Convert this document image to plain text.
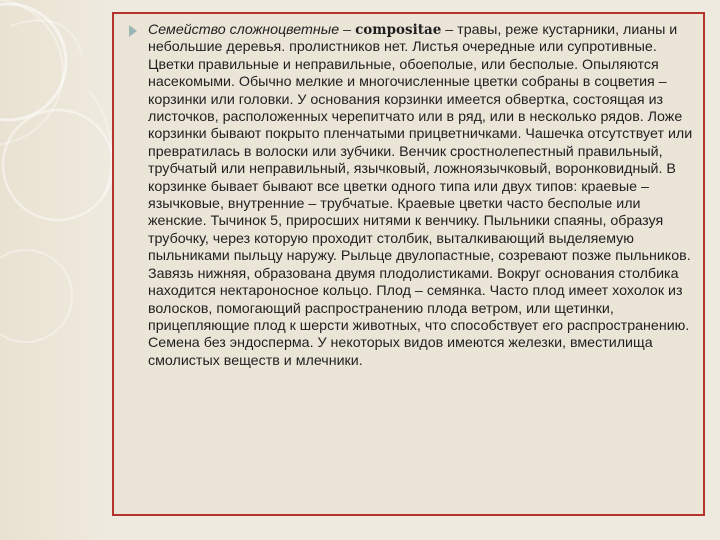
Семейство сложноцветные – compositae – травы, реже кустарники, лианы и небольшие деревья. пролистников нет. Листья очередные или супротивные. Цветки правильные и неправильные, обоеполые, или бесполые. Опыляются насекомыми. Обычно мелкие и многочисленные цветки собраны в соцветия – корзинки или головки. У основания корзинки имеется обвертка, состоящая из листочков, расположенных черепитчато или в ряд, или в несколько рядов. Ложе корзинки бывают покрыто пленчатыми прицветничками. Чашечка отсутствует или превратилась в волоски или зубчики. Венчик сростнолепестный правильный, трубчатый или неправильный, язычковый, ложноязычковый, воронковидный. В корзинке бывает бывают все цветки одного типа или двух типов: краевые – язычковые, внутренние – трубчатые. Краевые цветки часто бесполые или женские. Тычинок 5, приросших нитями к венчику. Пыльники спаяны, образуя трубочку, через которую проходит столбик, выталкивающий выделяемую пыльниками пыльцу наружу. Рыльце двулопастные, созревают позже пыльников. Завязь нижняя, образована двумя плодолистиками. Вокруг основания столбика находится нектароносное кольцо. Плод – семянка. Часто плод имеет хохолок из волосков, помогающий распространению плода ветром, или щетинки, прицепляющие плод к шерсти животных, что способствует его распространению. Семена без эндосперма. У некоторых видов имеются железки, вместилища смолистых веществ и млечники.
